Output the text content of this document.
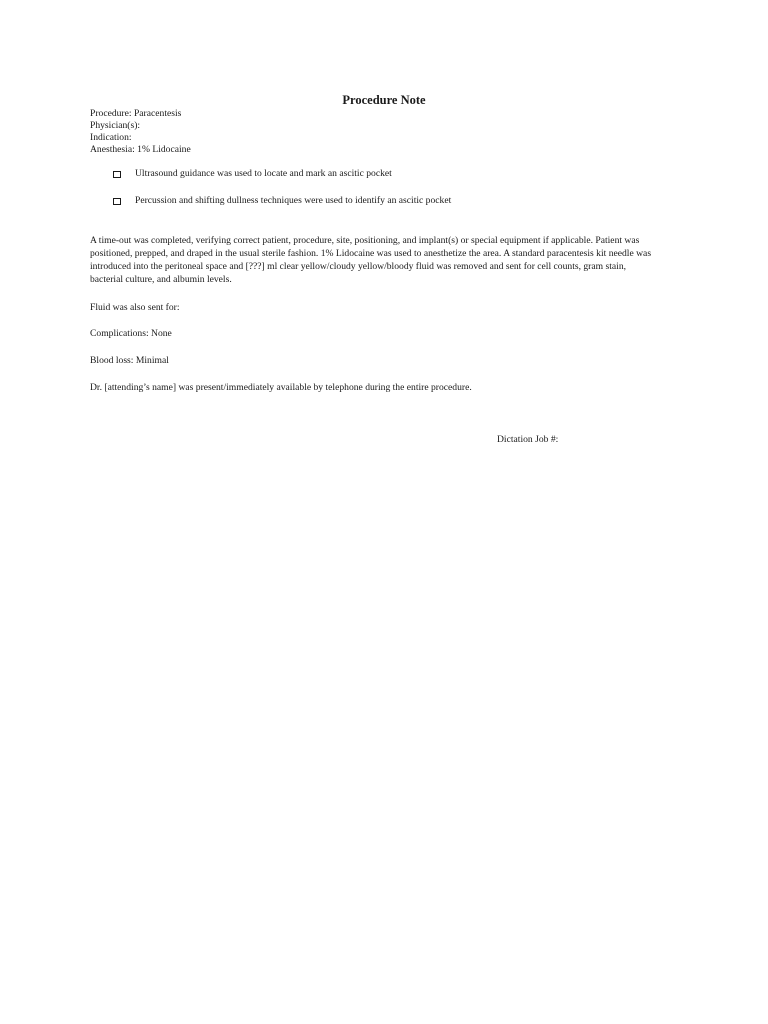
Procedure Note
Procedure: Paracentesis
Physician(s):
Indication:
Anesthesia: 1% Lidocaine
Ultrasound guidance was used to locate and mark an ascitic pocket
Percussion and shifting dullness techniques were used to identify an ascitic pocket
A time-out was completed, verifying correct patient, procedure, site, positioning, and implant(s) or special equipment if applicable. Patient was
positioned, prepped, and draped in the usual sterile fashion. 1% Lidocaine was used to anesthetize the area. A standard paracentesis kit needle was
introduced into the peritoneal space and [???] ml clear yellow/cloudy yellow/bloody fluid was removed and sent for cell counts, gram stain,
bacterial culture, and albumin levels.
Fluid was also sent for:
Complications: None
Blood loss: Minimal
Dr. [attending’s name] was present/immediately available by telephone during the entire procedure.
Dictation Job #:
